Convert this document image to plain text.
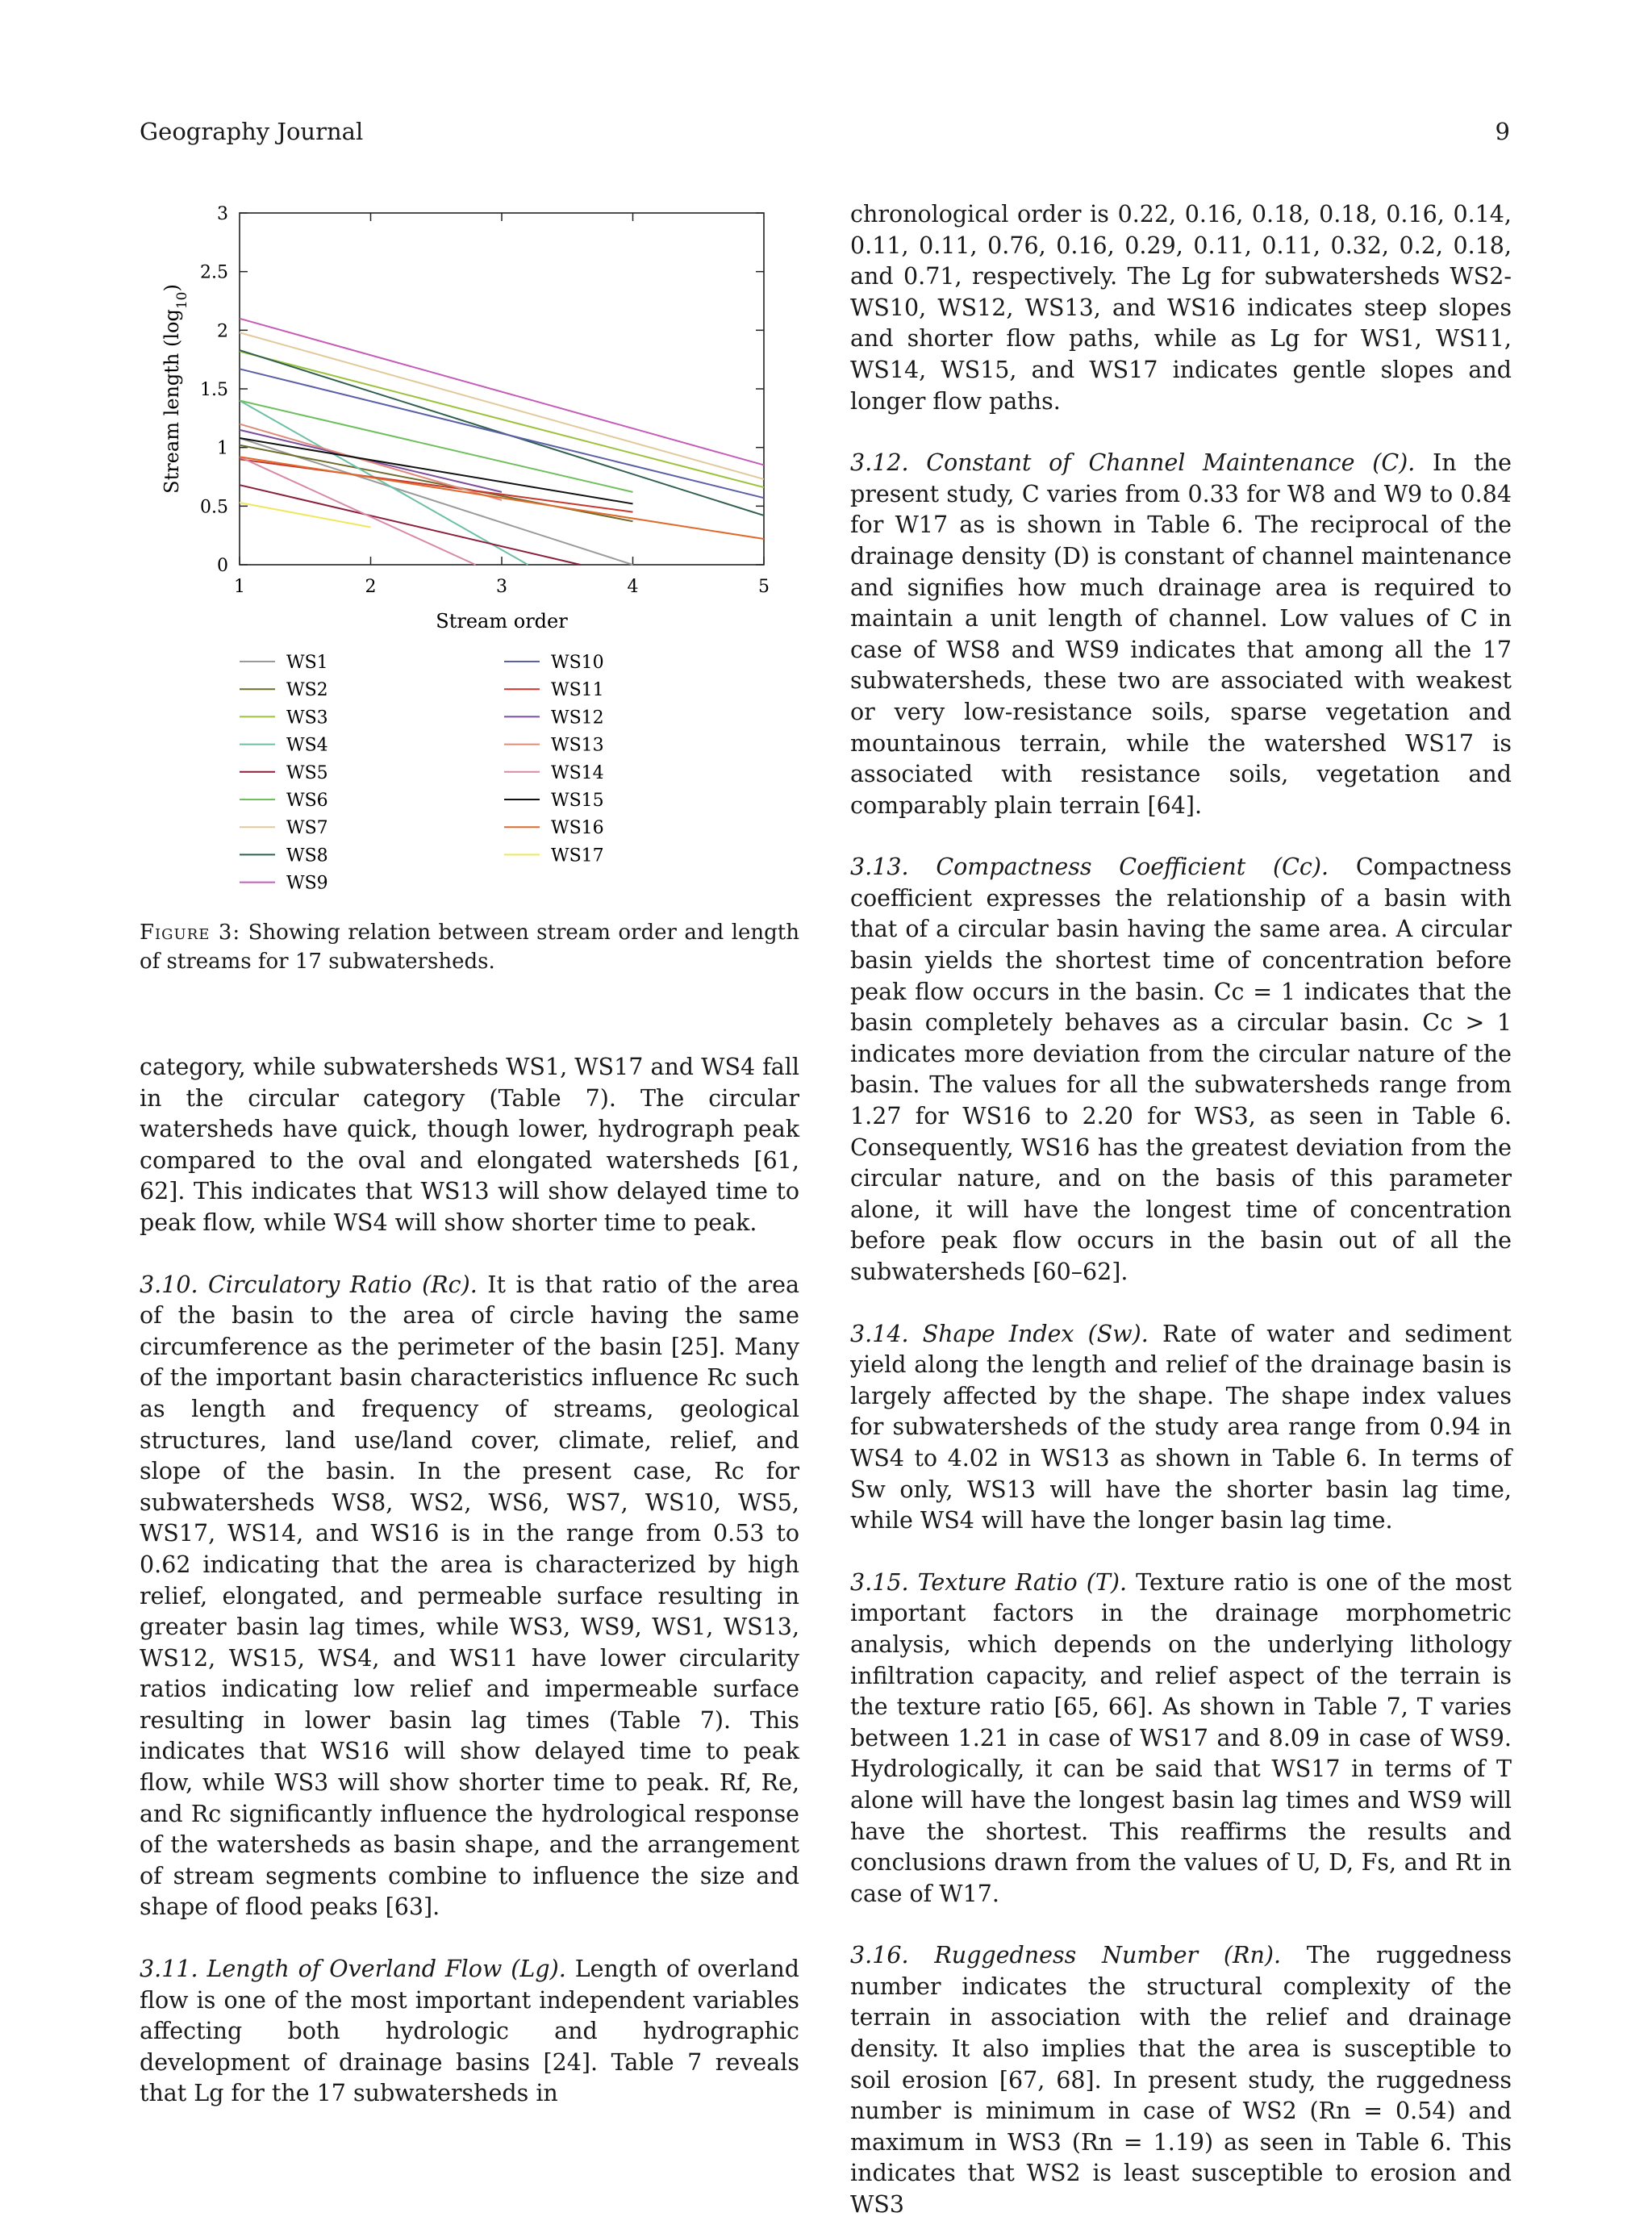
Geography Journal	9
1	2	3	4	5
0
0.5
1
1.5
2
2.5
3
Stream length $(\log_{10})$
Stream order
WS1
WS2
WS3
WS4
WS5
WS6
WS7
WS8
WS9
WS10
WS11
WS12
WS13
WS14
WS15
WS16
WS17
Figure 3: Showing relation between stream order and length of streams for 17 subwatersheds.

category, while subwatersheds WS1, WS17 and WS4 fall in the circular category (Table 7). The circular watersheds have quick, though lower, hydrograph peak compared to the oval and elongated watersheds [61, 62]. This indicates that WS13 will show delayed time to peak flow, while WS4 will show shorter time to peak.

3.10. Circulatory Ratio (Rc). It is that ratio of the area of the basin to the area of circle having the same circumference as the perimeter of the basin [25]. Many of the important basin characteristics influence Rc such as length and frequency of streams, geological structures, land use/land cover, climate, relief, and slope of the basin. In the present case, Rc for subwatersheds WS8, WS2, WS6, WS7, WS10, WS5, WS17, WS14, and WS16 is in the range from 0.53 to 0.62 indicating that the area is characterized by high relief, elongated, and permeable surface resulting in greater basin lag times, while WS3, WS9, WS1, WS13, WS12, WS15, WS4, and WS11 have lower circularity ratios indicating low relief and impermeable surface resulting in lower basin lag times (Table 7). This indicates that WS16 will show delayed time to peak flow, while WS3 will show shorter time to peak. Rf, Re, and Rc significantly influence the hydrological response of the watersheds as basin shape, and the arrangement of stream segments combine to influence the size and shape of flood peaks [63].

3.11. Length of Overland Flow (Lg). Length of overland flow is one of the most important independent variables affecting both hydrologic and hydrographic development of drainage basins [24]. Table 7 reveals that Lg for the 17 subwatersheds in

chronological order is 0.22, 0.16, 0.18, 0.18, 0.16, 0.14, 0.11, 0.11, 0.76, 0.16, 0.29, 0.11, 0.11, 0.32, 0.2, 0.18, and 0.71, respectively. The Lg for subwatersheds WS2-WS10, WS12, WS13, and WS16 indicates steep slopes and shorter flow paths, while as Lg for WS1, WS11, WS14, WS15, and WS17 indicates gentle slopes and longer flow paths.

3.12. Constant of Channel Maintenance (C). In the present study, C varies from 0.33 for W8 and W9 to 0.84 for W17 as is shown in Table 6. The reciprocal of the drainage density (D) is constant of channel maintenance and signifies how much drainage area is required to maintain a unit length of channel. Low values of C in case of WS8 and WS9 indicates that among all the 17 subwatersheds, these two are associated with weakest or very low-resistance soils, sparse vegetation and mountainous terrain, while the watershed WS17 is associated with resistance soils, vegetation and comparably plain terrain [64].

3.13. Compactness Coefficient (Cc). Compactness coefficient expresses the relationship of a basin with that of a circular basin having the same area. A circular basin yields the shortest time of concentration before peak flow occurs in the basin. Cc = 1 indicates that the basin completely behaves as a circular basin. Cc > 1 indicates more deviation from the circular nature of the basin. The values for all the subwatersheds range from 1.27 for WS16 to 2.20 for WS3, as seen in Table 6. Consequently, WS16 has the greatest deviation from the circular nature, and on the basis of this parameter alone, it will have the longest time of concentration before peak flow occurs in the basin out of all the subwatersheds [60–62].

3.14. Shape Index (Sw). Rate of water and sediment yield along the length and relief of the drainage basin is largely affected by the shape. The shape index values for subwatersheds of the study area range from 0.94 in WS4 to 4.02 in WS13 as shown in Table 6. In terms of Sw only, WS13 will have the shorter basin lag time, while WS4 will have the longer basin lag time.

3.15. Texture Ratio (T). Texture ratio is one of the most important factors in the drainage morphometric analysis, which depends on the underlying lithology infiltration capacity, and relief aspect of the terrain is the texture ratio [65, 66]. As shown in Table 7, T varies between 1.21 in case of WS17 and 8.09 in case of WS9. Hydrologically, it can be said that WS17 in terms of T alone will have the longest basin lag times and WS9 will have the shortest. This reaffirms the results and conclusions drawn from the values of U, D, Fs, and Rt in case of W17.

3.16. Ruggedness Number (Rn). The ruggedness number indicates the structural complexity of the terrain in association with the relief and drainage density. It also implies that the area is susceptible to soil erosion [67, 68]. In present study, the ruggedness number is minimum in case of WS2 (Rn = 0.54) and maximum in WS3 (Rn = 1.19) as seen in Table 6. This indicates that WS2 is least susceptible to erosion and WS3
